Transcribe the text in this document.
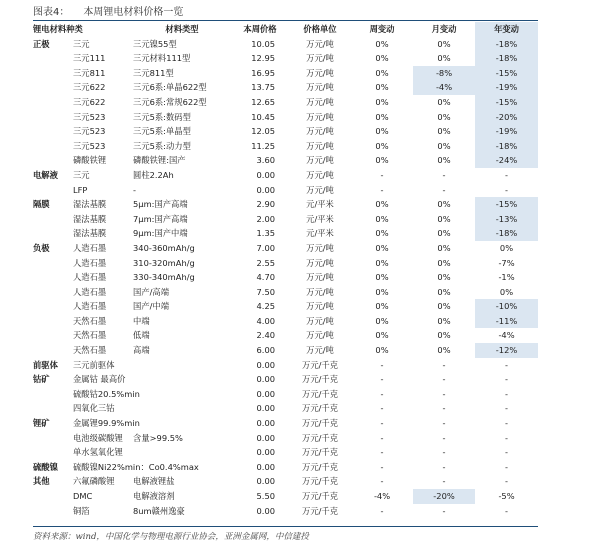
图表4： 本周锂电材料价格一览
锂电材料种类		材料类型	本周价格	价格单位	周变动	月变动	年变动
正极	三元	三元镍55型	10.05	万元/吨	0%	0%	-18%
	三元111	三元材料111型	12.95	万元/吨	0%	0%	-18%
	三元811	三元811型	16.95	万元/吨	0%	-8%	-15%
	三元622	三元6系:单晶622型	13.75	万元/吨	0%	-4%	-19%
	三元622	三元6系:常规622型	12.65	万元/吨	0%	0%	-15%
	三元523	三元5系:数码型	10.45	万元/吨	0%	0%	-20%
	三元523	三元5系:单晶型	12.05	万元/吨	0%	0%	-19%
	三元523	三元5系:动力型	11.25	万元/吨	0%	0%	-18%
	磷酸铁锂	磷酸铁锂:国产	3.60	万元/吨	0%	0%	-24%
电解液	三元	圆柱2.2Ah	0.00	万元/吨	-	-	-
	LFP	-	0.00	万元/吨	-	-	-
隔膜	湿法基膜	5μm:国产高端	2.90	元/平米	0%	0%	-15%
	湿法基膜	7μm:国产高端	2.00	元/平米	0%	0%	-13%
	湿法基膜	9μm:国产中端	1.35	元/平米	0%	0%	-18%
负极	人造石墨	340-360mAh/g	7.00	万元/吨	0%	0%	0%
	人造石墨	310-320mAh/g	2.55	万元/吨	0%	0%	-7%
	人造石墨	330-340mAh/g	4.70	万元/吨	0%	0%	-1%
	人造石墨	国产/高端	7.50	万元/吨	0%	0%	0%
	人造石墨	国产/中端	4.25	万元/吨	0%	0%	-10%
	天然石墨	中端	4.00	万元/吨	0%	0%	-11%
	天然石墨	低端	2.40	万元/吨	0%	0%	-4%
	天然石墨	高端	6.00	万元/吨	0%	0%	-12%
前驱体	三元前驱体		0.00	万元/千克	-	-	-
钴矿	金属钴 最高价		0.00	万元/千克	-	-	-
	硫酸钴20.5%min		0.00	万元/千克	-	-	-
	四氧化三钴		0.00	万元/千克	-	-	-
锂矿	金属锂99.9%min		0.00	万元/千克	-	-	-
	电池级碳酸锂	含量>99.5%	0.00	万元/千克	-	-	-
	单水氢氧化锂		0.00	万元/千克	-	-	-
硫酸镍	硫酸镍Ni22%min：Co0.4%max		0.00	万元/千克	-	-	-
其他	六氟磷酸锂	电解液锂盐	0.00	万元/千克	-	-	-
	DMC	电解液溶剂	5.50	万元/千克	-4%	-20%	-5%
	铜箔	8um赣州逸豪	0.00	万元/千克	-	-	-
资料来源：wind，中国化学与物理电源行业协会，亚洲金属网，中信建投
